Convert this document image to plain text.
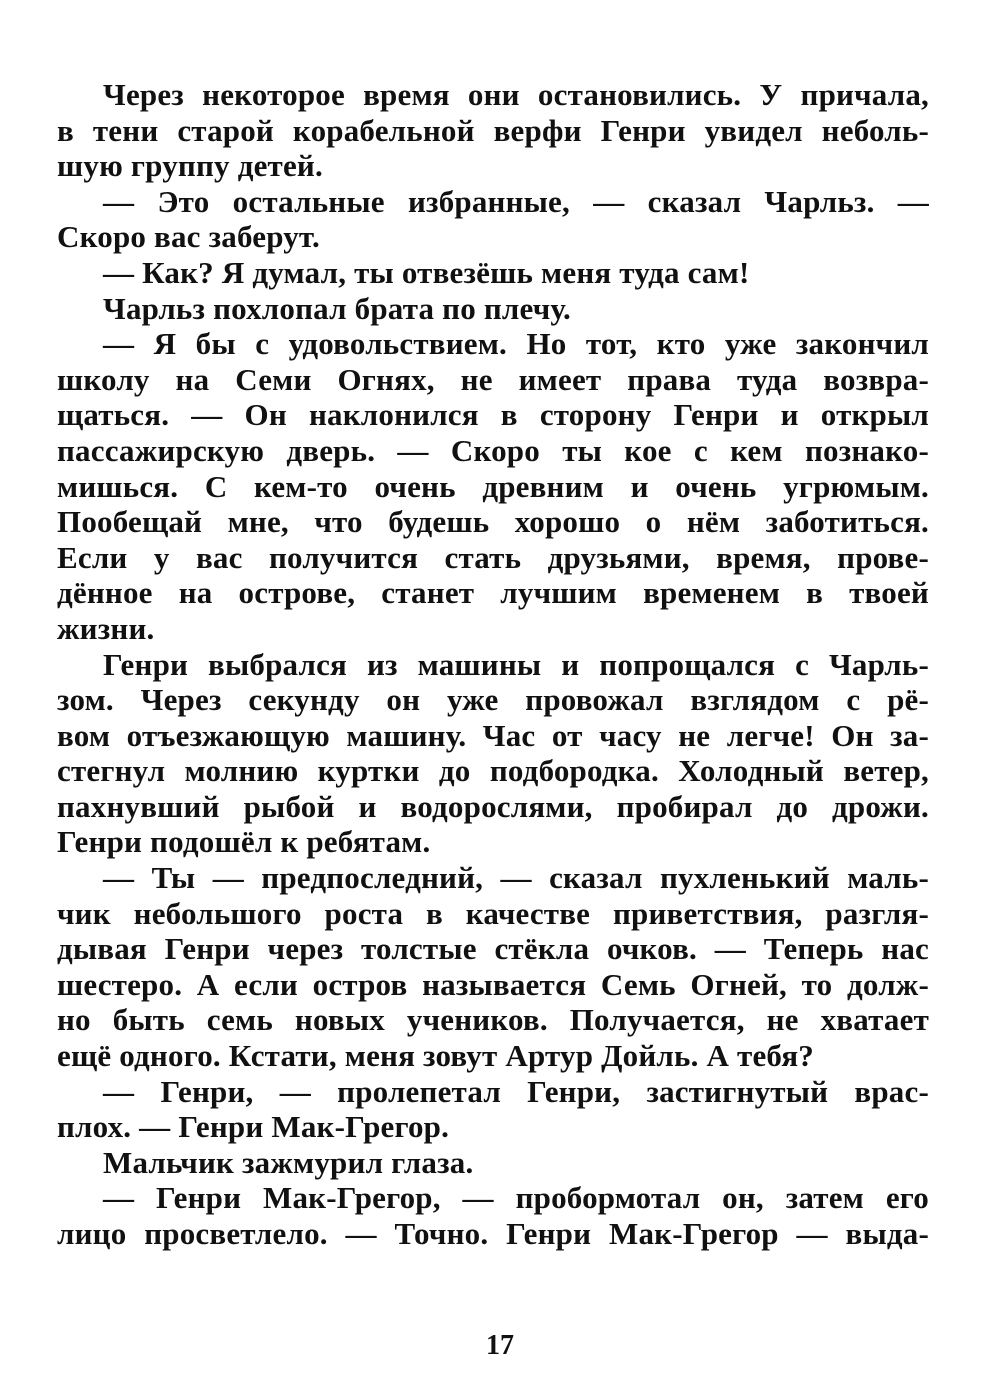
Через некоторое время они остановились. У причала,
в тени старой корабельной верфи Генри увидел неболь-
шую группу детей.
— Это остальные избранные, — сказал Чарльз. —
Скоро вас заберут.
— Как? Я думал, ты отвезёшь меня туда сам!
Чарльз похлопал брата по плечу.
— Я бы с удовольствием. Но тот, кто уже закончил
школу на Семи Огнях, не имеет права туда возвра-
щаться. — Он наклонился в сторону Генри и открыл
пассажирскую дверь. — Скоро ты кое с кем познако-
мишься. С кем-то очень древним и очень угрюмым.
Пообещай мне, что будешь хорошо о нём заботиться.
Если у вас получится стать друзьями, время, прове-
дённое на острове, станет лучшим временем в твоей
жизни.
Генри выбрался из машины и попрощался с Чарль-
зом. Через секунду он уже провожал взглядом с рё-
вом отъезжающую машину. Час от часу не легче! Он за-
стегнул молнию куртки до подбородка. Холодный ветер,
пахнувший рыбой и водорослями, пробирал до дрожи.
Генри подошёл к ребятам.
— Ты — предпоследний, — сказал пухленький маль-
чик небольшого роста в качестве приветствия, разгля-
дывая Генри через толстые стёкла очков. — Теперь нас
шестеро. А если остров называется Семь Огней, то долж-
но быть семь новых учеников. Получается, не хватает
ещё одного. Кстати, меня зовут Артур Дойль. А тебя?
— Генри, — пролепетал Генри, застигнутый врас-
плох. — Генри Мак-Грегор.
Мальчик зажмурил глаза.
— Генри Мак-Грегор, — пробормотал он, затем его
лицо просветлело. — Точно. Генри Мак-Грегор — выда-
17
